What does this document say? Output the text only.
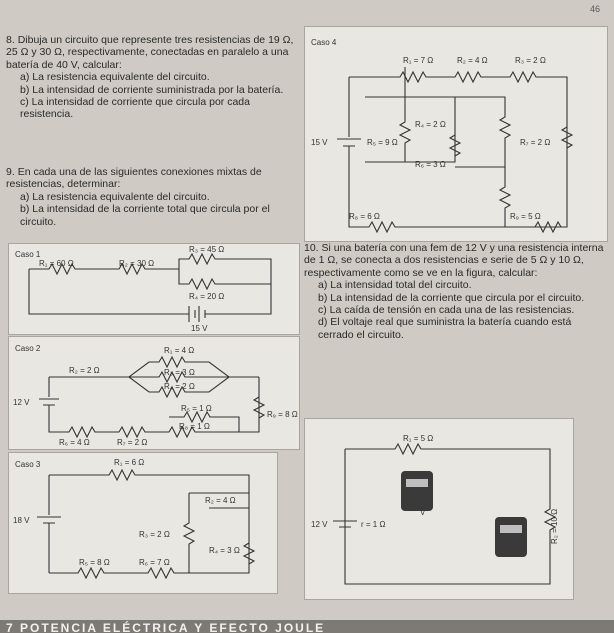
46

8. Dibuja un circuito que represente tres resistencias de 19 Ω, 25 Ω y 30 Ω, respectivamente, conectadas en paralelo a una batería de 40 V, calcular:

a) La resistencia equivalente del circuito.

b) La intensidad de corriente suministrada por la batería.

c) La intensidad de corriente que circula por cada resistencia.

9. En cada una de las siguientes conexiones mixtas de resistencias, determinar:

a) La resistencia equivalente del circuito.

b) La intensidad de la corriente total que circula por el circuito.

10. Si una batería con una fem de 12 V y una resistencia interna de 1 Ω, se conecta a dos resistencias e serie de 5 Ω y 10 Ω, respectivamente como se ve en la figura, calcular:

a) La intensidad total del circuito.

b) La intensidad de la corriente que circula por el circuito.

c) La caída de tensión en cada una de las resistencias.

d) El voltaje real que suministra la batería cuando está cerrado el circuito.

Caso 4
R₁ = 7 Ω	R₂ = 4 Ω	R₃ = 2 Ω
R₄ = 2 Ω
R₅ = 9 Ω
R₆ = 3 Ω
R₇ = 2 Ω
R₈ = 6 Ω	R₉ = 5 Ω
15 V
Caso 1
R₁ = 60 Ω	R₂ = 30 Ω
R₃ = 45 Ω
R₄ = 20 Ω
15 V
Caso 2	R₁ = 4 Ω
R₂ = 2 Ω	R₃ = 3 Ω
R₄ = 2 Ω
R₅ = 1 Ω
R₆ = 4 Ω	R₇ = 2 Ω
R₈ = 1 Ω
R₉ = 8 Ω
12 V
Caso 3	R₁ = 6 Ω
R₂ = 4 Ω
R₃ = 2 Ω
R₄ = 3 Ω
R₅ = 8 Ω	R₆ = 7 Ω
18 V
R₁ = 5 Ω
R₂ = 10 Ω
r = 1 Ω
12 V
V
7 POTENCIA ELÉCTRICA Y EFECTO JOULE
